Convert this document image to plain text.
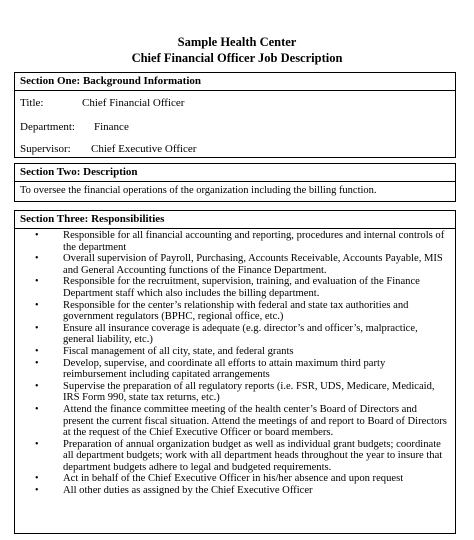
Sample Health Center
Chief Financial Officer Job Description
Section One: Background Information
Title:	Chief Financial Officer
Department: Finance
Supervisor: Chief Executive Officer
Section Two: Description
To oversee the financial operations of the organization including the billing function.
Section Three: Responsibilities
• Responsible for all financial accounting and reporting, procedures and internal controls of the department
• Overall supervision of Payroll, Purchasing, Accounts Receivable, Accounts Payable, MIS and General Accounting functions of the Finance Department.
• Responsible for the recruitment, supervision, training, and evaluation of the Finance Department staff which also includes the billing department.
• Responsible for the center’s relationship with federal and state tax authorities and government regulators (BPHC, regional office, etc.)
• Ensure all insurance coverage is adequate (e.g. director’s and officer’s, malpractice, general liability, etc.)
• Fiscal management of all city, state, and federal grants
• Develop, supervise, and coordinate all efforts to attain maximum third party reimbursement including capitated arrangements
• Supervise the preparation of all regulatory reports (i.e. FSR, UDS, Medicare, Medicaid, IRS Form 990, state tax returns, etc.)
• Attend the finance committee meeting of the health center’s Board of Directors and present the current fiscal situation. Attend the meetings of and report to Board of Directors at the request of the Chief Executive Officer or board members.
• Preparation of annual organization budget as well as individual grant budgets; coordinate all department budgets; work with all department heads throughout the year to insure that department budgets adhere to legal and budgeted requirements.
• Act in behalf of the Chief Executive Officer in his/her absence and upon request
• All other duties as assigned by the Chief Executive Officer
